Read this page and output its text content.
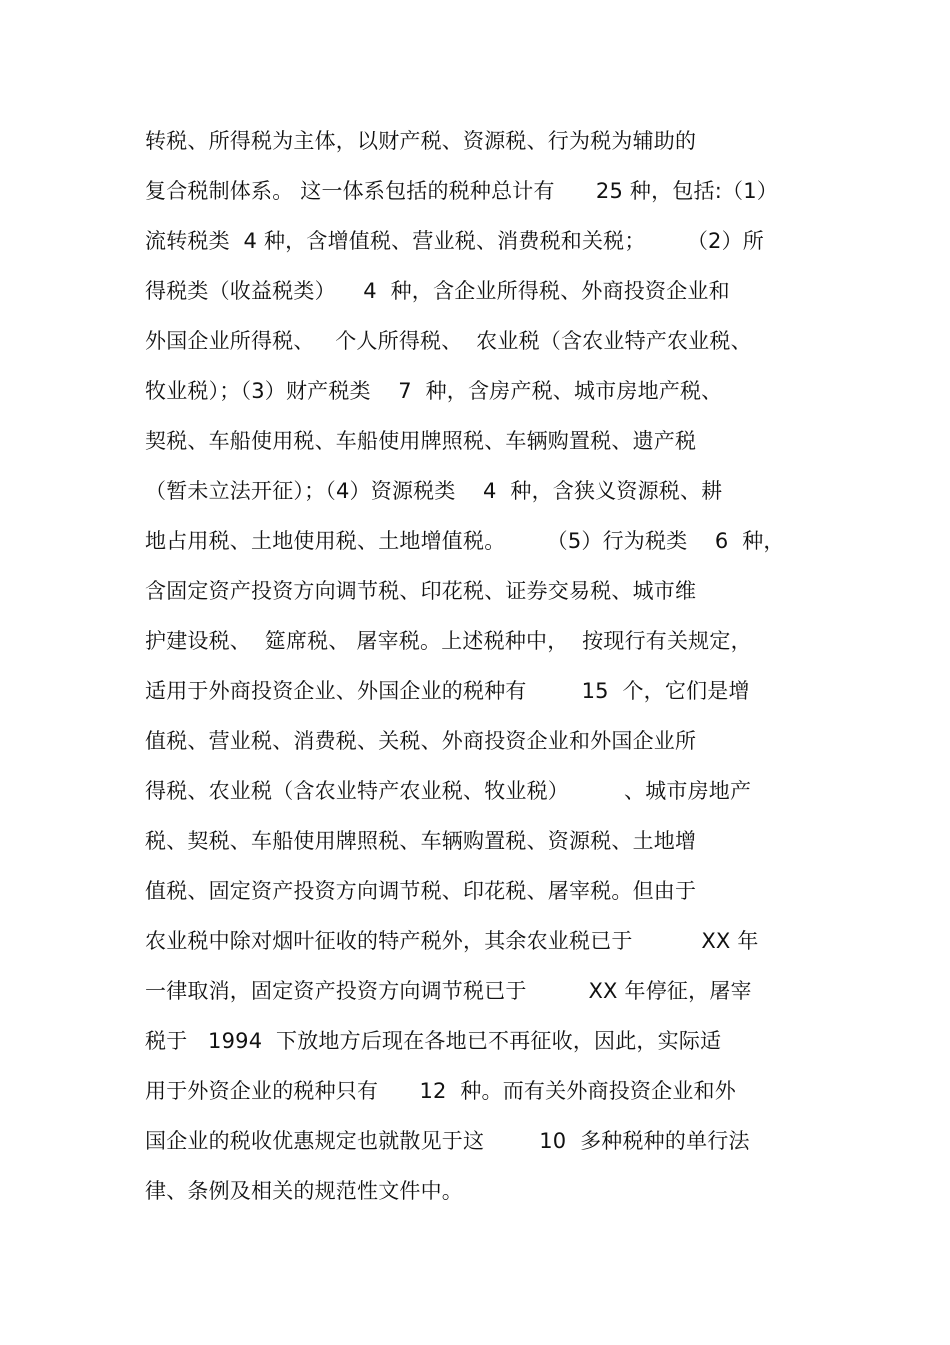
转税、所得税为主体，以财产税、资源税、行为税为辅助的
复合税制体系。 这一体系包括的税种总计有      25 种，包括:（1）
流转税类  4 种，含增值税、营业税、消费税和关税；      （2）所
得税类（收益税类）    4  种，含企业所得税、外商投资企业和
外国企业所得税、   个人所得税、  农业税（含农业特产农业税、
牧业税）；（3）财产税类    7  种，含房产税、城市房地产税、
契税、车船使用税、车船使用牌照税、车辆购置税、遗产税
（暂未立法开征）；（4）资源税类    4  种，含狭义资源税、耕
地占用税、土地使用税、土地增值税。      （5）行为税类    6  种，
含固定资产投资方向调节税、印花税、证券交易税、城市维
护建设税、  筵席税、 屠宰税。上述税种中，  按现行有关规定，
适用于外商投资企业、外国企业的税种有        15  个，它们是增
值税、营业税、消费税、关税、外商投资企业和外国企业所
得税、农业税（含农业特产农业税、牧业税）        、城市房地产
税、契税、车船使用牌照税、车辆购置税、资源税、土地增
值税、固定资产投资方向调节税、印花税、屠宰税。但由于
农业税中除对烟叶征收的特产税外，其余农业税已于          XX 年
一律取消，固定资产投资方向调节税已于         XX 年停征，屠宰
税于   1994  下放地方后现在各地已不再征收，因此，实际适
用于外资企业的税种只有      12  种。而有关外商投资企业和外
国企业的税收优惠规定也就散见于这        10  多种税种的单行法
律、条例及相关的规范性文件中。
